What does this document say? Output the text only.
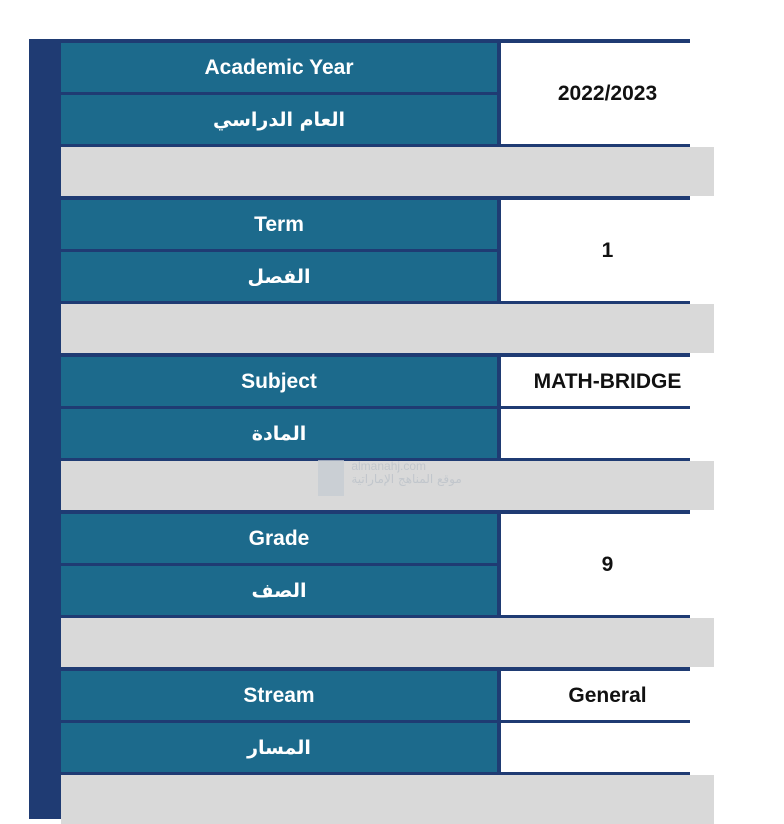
Academic Year
العام الدراسي
2022/2023
Term
الفصل
1
Subject	MATH-BRIDGE
المادة
Grade
الصف
9
Stream	General
المسار
almanahj.com
موقع المناهج الإماراتية
